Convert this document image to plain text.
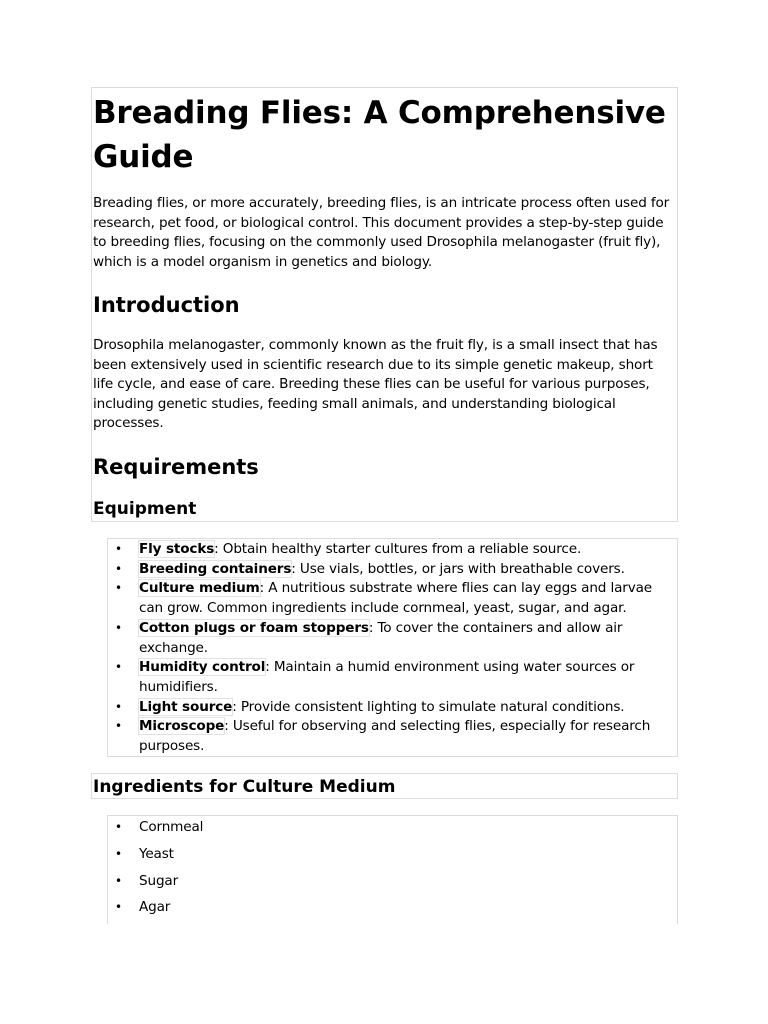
Breading Flies: A Comprehensive Guide

Breading flies, or more accurately, breeding flies, is an intricate process often used for research, pet food, or biological control. This document provides a step-by-step guide to breeding flies, focusing on the commonly used Drosophila melanogaster (fruit fly), which is a model organism in genetics and biology.

Introduction

Drosophila melanogaster, commonly known as the fruit fly, is a small insect that has been extensively used in scientific research due to its simple genetic makeup, short life cycle, and ease of care. Breeding these flies can be useful for various purposes, including genetic studies, feeding small animals, and understanding biological processes.

Requirements
Equipment
• Fly stocks: Obtain healthy starter cultures from a reliable source.
• Breeding containers: Use vials, bottles, or jars with breathable covers.
• Culture medium: A nutritious substrate where flies can lay eggs and larvae can grow. Common ingredients include cornmeal, yeast, sugar, and agar.
• Cotton plugs or foam stoppers: To cover the containers and allow air exchange.
• Humidity control: Maintain a humid environment using water sources or humidifiers.
• Light source: Provide consistent lighting to simulate natural conditions.
• Microscope: Useful for observing and selecting flies, especially for research purposes.
Ingredients for Culture Medium
• Cornmeal
• Yeast
• Sugar
• Agar
